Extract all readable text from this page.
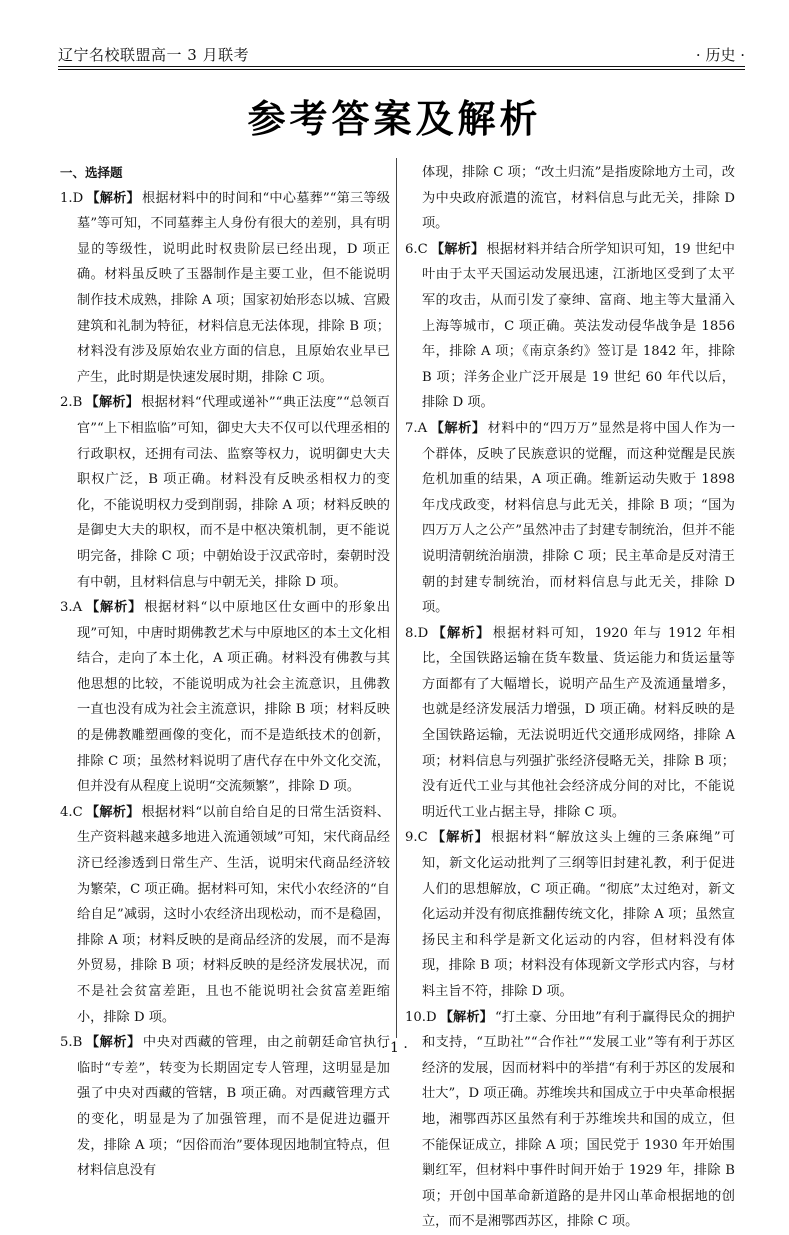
辽宁名校联盟高一 3 月联考	· 历史 ·
参考答案及解析
一、选择题
1.D 【解析】 根据材料中的时间和“中心墓葬”“第三等级墓”等可知，不同墓葬主人身份有很大的差别，具有明显的等级性，说明此时权贵阶层已经出现，D 项正确。材料虽反映了玉器制作是主要工业，但不能说明制作技术成熟，排除 A 项；国家初始形态以城、宫殿建筑和礼制为特征，材料信息无法体现，排除 B 项；材料没有涉及原始农业方面的信息，且原始农业早已产生，此时期是快速发展时期，排除 C 项。
2.B 【解析】 根据材料“代理或递补”“典正法度”“总领百官”“上下相监临”可知，御史大夫不仅可以代理丞相的行政职权，还拥有司法、监察等权力，说明御史大夫职权广泛，B 项正确。材料没有反映丞相权力的变化，不能说明权力受到削弱，排除 A 项；材料反映的是御史大夫的职权，而不是中枢决策机制，更不能说明完备，排除 C 项；中朝始设于汉武帝时，秦朝时没有中朝，且材料信息与中朝无关，排除 D 项。
3.A 【解析】 根据材料“以中原地区仕女画中的形象出现”可知，中唐时期佛教艺术与中原地区的本土文化相结合，走向了本土化，A 项正确。材料没有佛教与其他思想的比较，不能说明成为社会主流意识，且佛教一直也没有成为社会主流意识，排除 B 项；材料反映的是佛教雕塑画像的变化，而不是造纸技术的创新，排除 C 项；虽然材料说明了唐代存在中外文化交流，但并没有从程度上说明“交流频繁”，排除 D 项。
4.C 【解析】 根据材料“以前自给自足的日常生活资料、生产资料越来越多地进入流通领域”可知，宋代商品经济已经渗透到日常生产、生活，说明宋代商品经济较为繁荣，C 项正确。据材料可知，宋代小农经济的“自给自足”减弱，这时小农经济出现松动，而不是稳固，排除 A 项；材料反映的是商品经济的发展，而不是海外贸易，排除 B 项；材料反映的是经济发展状况，而不是社会贫富差距，且也不能说明社会贫富差距缩小，排除 D 项。
5.B 【解析】 中央对西藏的管理，由之前朝廷命官执行临时“专差”，转变为长期固定专人管理，这明显是加强了中央对西藏的管辖，B 项正确。对西藏管理方式的变化，明显是为了加强管理，而不是促进边疆开发，排除 A 项；“因俗而治”要体现因地制宜特点，但材料信息没有
体现，排除 C 项；“改土归流”是指废除地方土司，改为中央政府派遣的流官，材料信息与此无关，排除 D 项。
6.C 【解析】 根据材料并结合所学知识可知，19 世纪中叶由于太平天国运动发展迅速，江浙地区受到了太平军的攻击，从而引发了豪绅、富商、地主等大量涌入上海等城市，C 项正确。英法发动侵华战争是 1856 年，排除 A 项；《南京条约》签订是 1842 年，排除 B 项；洋务企业广泛开展是 19 世纪 60 年代以后，排除 D 项。
7.A 【解析】 材料中的“四万万”显然是将中国人作为一个群体，反映了民族意识的觉醒，而这种觉醒是民族危机加重的结果，A 项正确。维新运动失败于 1898 年戊戌政变，材料信息与此无关，排除 B 项；“国为四万万人之公产”虽然冲击了封建专制统治，但并不能说明清朝统治崩溃，排除 C 项；民主革命是反对清王朝的封建专制统治，而材料信息与此无关，排除 D 项。
8.D 【解析】 根据材料可知，1920 年与 1912 年相比，全国铁路运输在货车数量、货运能力和货运量等方面都有了大幅增长，说明产品生产及流通量增多，也就是经济发展活力增强，D 项正确。材料反映的是全国铁路运输，无法说明近代交通形成网络，排除 A 项；材料信息与列强扩张经济侵略无关，排除 B 项；没有近代工业与其他社会经济成分间的对比，不能说明近代工业占据主导，排除 C 项。
9.C 【解析】 根据材料“解放这头上缠的三条麻绳”可知，新文化运动批判了三纲等旧封建礼教，利于促进人们的思想解放，C 项正确。“彻底”太过绝对，新文化运动并没有彻底推翻传统文化，排除 A 项；虽然宣扬民主和科学是新文化运动的内容，但材料没有体现，排除 B 项；材料没有体现新文学形式内容，与材料主旨不符，排除 D 项。
10.D 【解析】 “打土豪、分田地”有利于赢得民众的拥护和支持，“互助社”“合作社”“发展工业”等有利于苏区经济的发展，因而材料中的举措“有利于苏区的发展和壮大”，D 项正确。苏维埃共和国成立于中央革命根据地，湘鄂西苏区虽然有利于苏维埃共和国的成立，但不能保证成立，排除 A 项；国民党于 1930 年开始围剿红军，但材料中事件时间开始于 1929 年，排除 B 项；开创中国革命新道路的是井冈山革命根据地的创立，而不是湘鄂西苏区，排除 C 项。
· 1 ·
